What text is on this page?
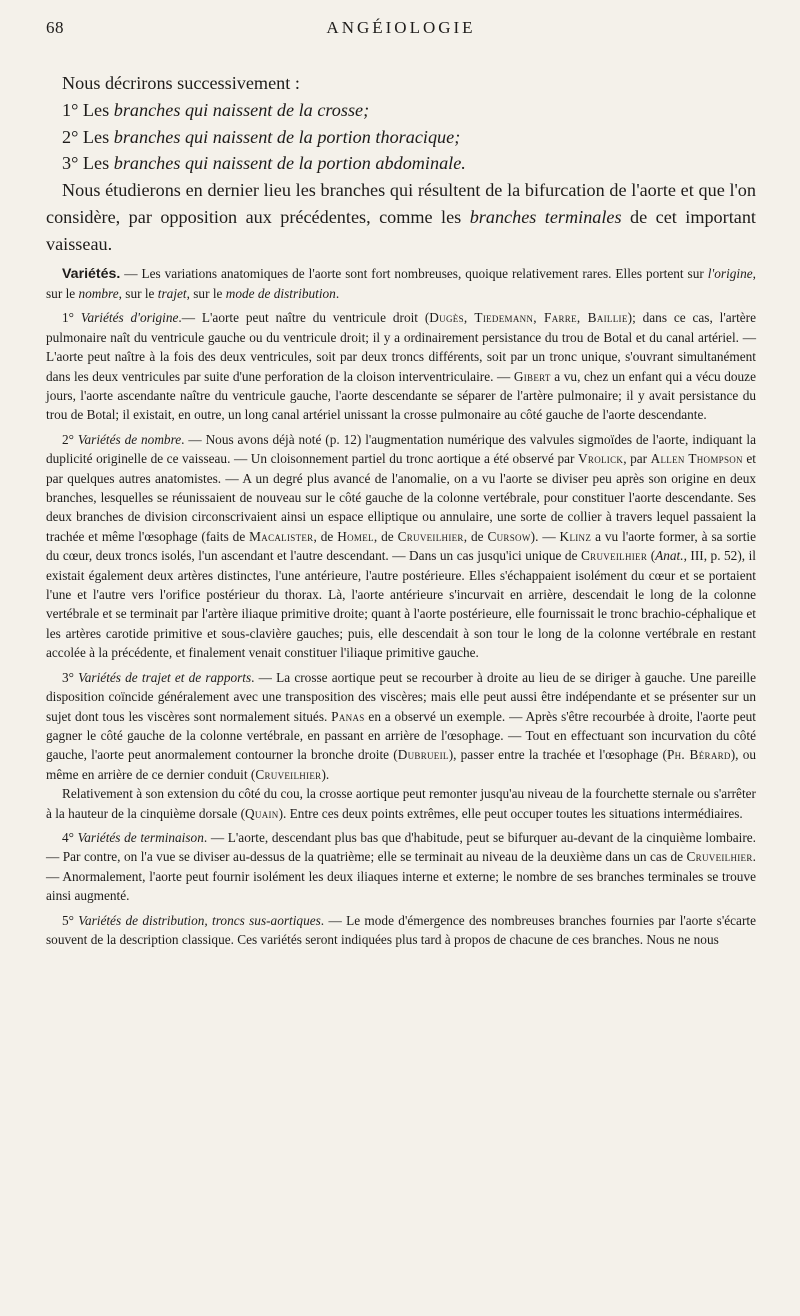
68	ANGÉIOLOGIE

Nous décrirons successivement :

1° Les branches qui naissent de la crosse;

2° Les branches qui naissent de la portion thoracique;

3° Les branches qui naissent de la portion abdominale.

Nous étudierons en dernier lieu les branches qui résultent de la bifurcation de l'aorte et que l'on considère, par opposition aux précédentes, comme les branches terminales de cet important vaisseau.

Variétés. — Les variations anatomiques de l'aorte sont fort nombreuses, quoique relativement rares. Elles portent sur l'origine, sur le nombre, sur le trajet, sur le mode de distribution.

1° Variétés d'origine.— L'aorte peut naître du ventricule droit (Dugès, Tiedemann, Farre, Baillie); dans ce cas, l'artère pulmonaire naît du ventricule gauche ou du ventricule droit; il y a ordinairement persistance du trou de Botal et du canal artériel. — L'aorte peut naître à la fois des deux ventricules, soit par deux troncs différents, soit par un tronc unique, s'ouvrant simultanément dans les deux ventricules par suite d'une perforation de la cloison interventriculaire. — Gibert a vu, chez un enfant qui a vécu douze jours, l'aorte ascendante naître du ventricule gauche, l'aorte descendante se séparer de l'artère pulmonaire; il y avait persistance du trou de Botal; il existait, en outre, un long canal artériel unissant la crosse pulmonaire au côté gauche de l'aorte descendante.

2° Variétés de nombre. — Nous avons déjà noté (p. 12) l'augmentation numérique des valvules sigmoïdes de l'aorte, indiquant la duplicité originelle de ce vaisseau. — Un cloisonnement partiel du tronc aortique a été observé par Vrolick, par Allen Thompson et par quelques autres anatomistes. — A un degré plus avancé de l'anomalie, on a vu l'aorte se diviser peu après son origine en deux branches, lesquelles se réunissaient de nouveau sur le côté gauche de la colonne vertébrale, pour constituer l'aorte descendante. Ses deux branches de division circonscrivaient ainsi un espace elliptique ou annulaire, une sorte de collier à travers lequel passaient la trachée et même l'œsophage (faits de Macalister, de Homel, de Cruveilhier, de Cursow). — Klinz a vu l'aorte former, à sa sortie du cœur, deux troncs isolés, l'un ascendant et l'autre descendant. — Dans un cas jusqu'ici unique de Cruveilhier (Anat., III, p. 52), il existait également deux artères distinctes, l'une antérieure, l'autre postérieure. Elles s'échappaient isolément du cœur et se portaient l'une et l'autre vers l'orifice postérieur du thorax. Là, l'aorte antérieure s'incurvait en arrière, descendait le long de la colonne vertébrale et se terminait par l'artère iliaque primitive droite; quant à l'aorte postérieure, elle fournissait le tronc brachio-céphalique et les artères carotide primitive et sous-clavière gauches; puis, elle descendait à son tour le long de la colonne vertébrale en restant accolée à la précédente, et finalement venait constituer l'iliaque primitive gauche.

3° Variétés de trajet et de rapports. — La crosse aortique peut se recourber à droite au lieu de se diriger à gauche. Une pareille disposition coïncide généralement avec une transposition des viscères; mais elle peut aussi être indépendante et se présenter sur un sujet dont tous les viscères sont normalement situés. Panas en a observé un exemple. — Après s'être recourbée à droite, l'aorte peut gagner le côté gauche de la colonne vertébrale, en passant en arrière de l'œsophage. — Tout en effectuant son incurvation du côté gauche, l'aorte peut anormalement contourner la bronche droite (Dubrueil), passer entre la trachée et l'œsophage (Ph. Bérard), ou même en arrière de ce dernier conduit (Cruveilhier).

Relativement à son extension du côté du cou, la crosse aortique peut remonter jusqu'au niveau de la fourchette sternale ou s'arrêter à la hauteur de la cinquième dorsale (Quain). Entre ces deux points extrêmes, elle peut occuper toutes les situations intermédiaires.

4° Variétés de terminaison. — L'aorte, descendant plus bas que d'habitude, peut se bifurquer au-devant de la cinquième lombaire.— Par contre, on l'a vue se diviser au-dessus de la quatrième; elle se terminait au niveau de la deuxième dans un cas de Cruveilhier. — Anormalement, l'aorte peut fournir isolément les deux iliaques interne et externe; le nombre de ses branches terminales se trouve ainsi augmenté.

5° Variétés de distribution, troncs sus-aortiques. — Le mode d'émergence des nombreuses branches fournies par l'aorte s'écarte souvent de la description classique. Ces variétés seront indiquées plus tard à propos de chacune de ces branches. Nous ne nous
